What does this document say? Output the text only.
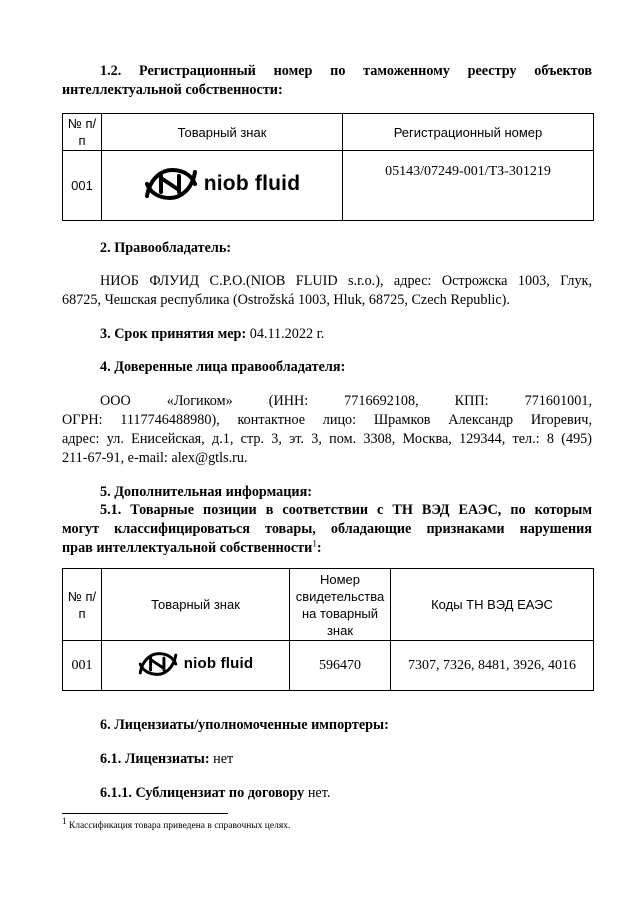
1.2. Регистрационный номер по таможенному реестру объектов
интеллектуальной собственности:
№ п/п	Товарный знак	Регистрационный номер
001	niob fluid	05143/07249-001/ТЗ-301219
2. Правообладатель:
НИОБ ФЛУИД С.Р.О.(NIOB FLUID s.r.o.), адрес: Острожска 1003, Глук,
68725, Чешская республика (Ostrožská 1003, Hluk, 68725, Czech Republic).
3. Срок принятия мер: 04.11.2022 г.
4. Доверенные лица правообладателя:
ООО «Логиком» (ИНН: 7716692108, КПП: 771601001,
ОГРН: 1117746488980), контактное лицо: Шрамков Александр Игоревич,
адрес: ул. Енисейская, д.1, стр. 3, эт. 3, пом. 3308, Москва, 129344, тел.: 8 (495)
211-67-91, e-mail: alex@gtls.ru.
5. Дополнительная информация:
5.1. Товарные позиции в соответствии с ТН ВЭД ЕАЭС, по которым
могут классифицироваться товары, обладающие признаками нарушения
прав интеллектуальной собственности$^1$:
№ п/п	Товарный знак	Номер свидетельства на товарный знак	Коды ТН ВЭД ЕАЭС
001	niob fluid	596470	7307, 7326, 8481, 3926, 4016
6. Лицензиаты/уполномоченные импортеры:
6.1. Лицензиаты: нет
6.1.1. Сублицензиат по договору нет.
$^1$ Классификация товара приведена в справочных целях.
